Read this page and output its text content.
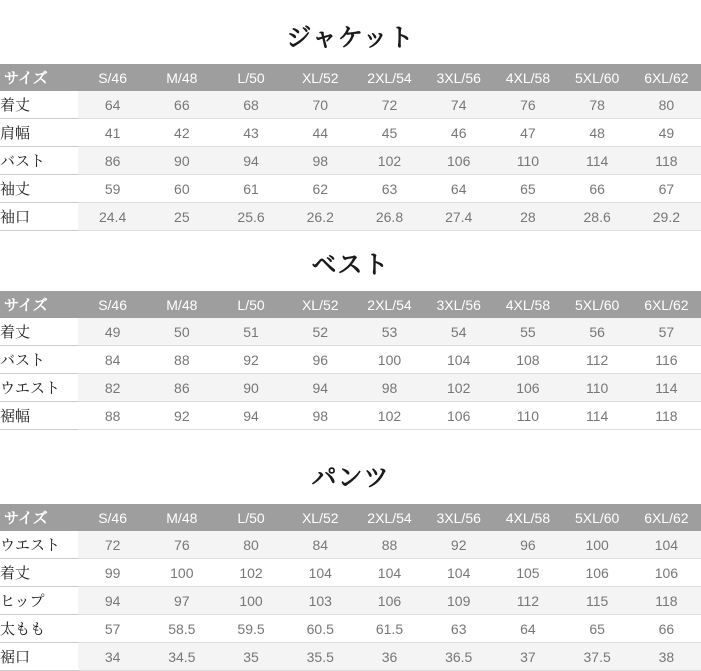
ジャケット
サイズ	S/46	M/48	L/50	XL/52	2XL/54	3XL/56	4XL/58	5XL/60	6XL/62
着丈	64	66	68	70	72	74	76	78	80
肩幅	41	42	43	44	45	46	47	48	49
バスト	86	90	94	98	102	106	110	114	118
袖丈	59	60	61	62	63	64	65	66	67
袖口	24.4	25	25.6	26.2	26.8	27.4	28	28.6	29.2
ベスト
サイズ	S/46	M/48	L/50	XL/52	2XL/54	3XL/56	4XL/58	5XL/60	6XL/62
着丈	49	50	51	52	53	54	55	56	57
バスト	84	88	92	96	100	104	108	112	116
ウエスト	82	86	90	94	98	102	106	110	114
裾幅	88	92	94	98	102	106	110	114	118
パンツ
サイズ	S/46	M/48	L/50	XL/52	2XL/54	3XL/56	4XL/58	5XL/60	6XL/62
ウエスト	72	76	80	84	88	92	96	100	104
着丈	99	100	102	104	104	104	105	106	106
ヒップ	94	97	100	103	106	109	112	115	118
太もも	57	58.5	59.5	60.5	61.5	63	64	65	66
裾口	34	34.5	35	35.5	36	36.5	37	37.5	38
